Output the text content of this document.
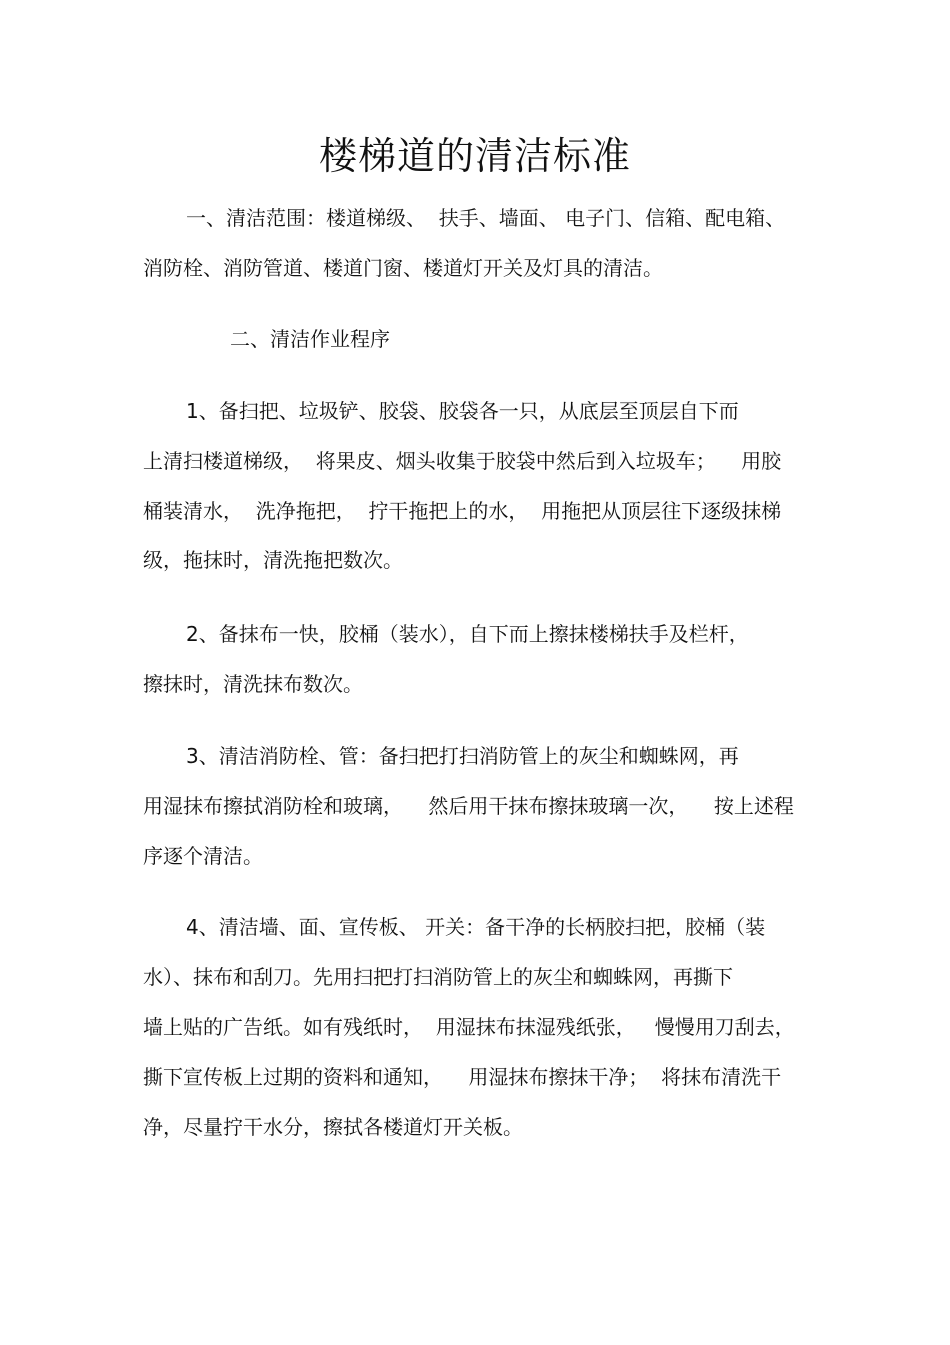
楼梯道的清洁标准
一、清洁范围：楼道梯级、  扶手、墙面、 电子门、信箱、配电箱、
消防栓、消防管道、楼道门窗、楼道灯开关及灯具的清洁。
二、清洁作业程序
1、备扫把、垃圾铲、胶袋、胶袋各一只，从底层至顶层自下而
上清扫楼道梯级，  将果皮、烟头收集于胶袋中然后到入垃圾车；    用胶
桶装清水，  洗净拖把，  拧干拖把上的水，  用拖把从顶层往下逐级抹梯
级，拖抹时，清洗拖把数次。
2、备抹布一快，胶桶（装水），自下而上擦抹楼梯扶手及栏杆，
擦抹时，清洗抹布数次。
3、清洁消防栓、管：备扫把打扫消防管上的灰尘和蜘蛛网，再
用湿抹布擦拭消防栓和玻璃，    然后用干抹布擦抹玻璃一次，    按上述程
序逐个清洁。
4、清洁墙、面、宣传板、 开关：备干净的长柄胶扫把，胶桶（装
水）、抹布和刮刀。先用扫把打扫消防管上的灰尘和蜘蛛网，再撕下
墙上贴的广告纸。如有残纸时，  用湿抹布抹湿残纸张，   慢慢用刀刮去，
撕下宣传板上过期的资料和通知，    用湿抹布擦抹干净；  将抹布清洗干
净，尽量拧干水分，擦拭各楼道灯开关板。
